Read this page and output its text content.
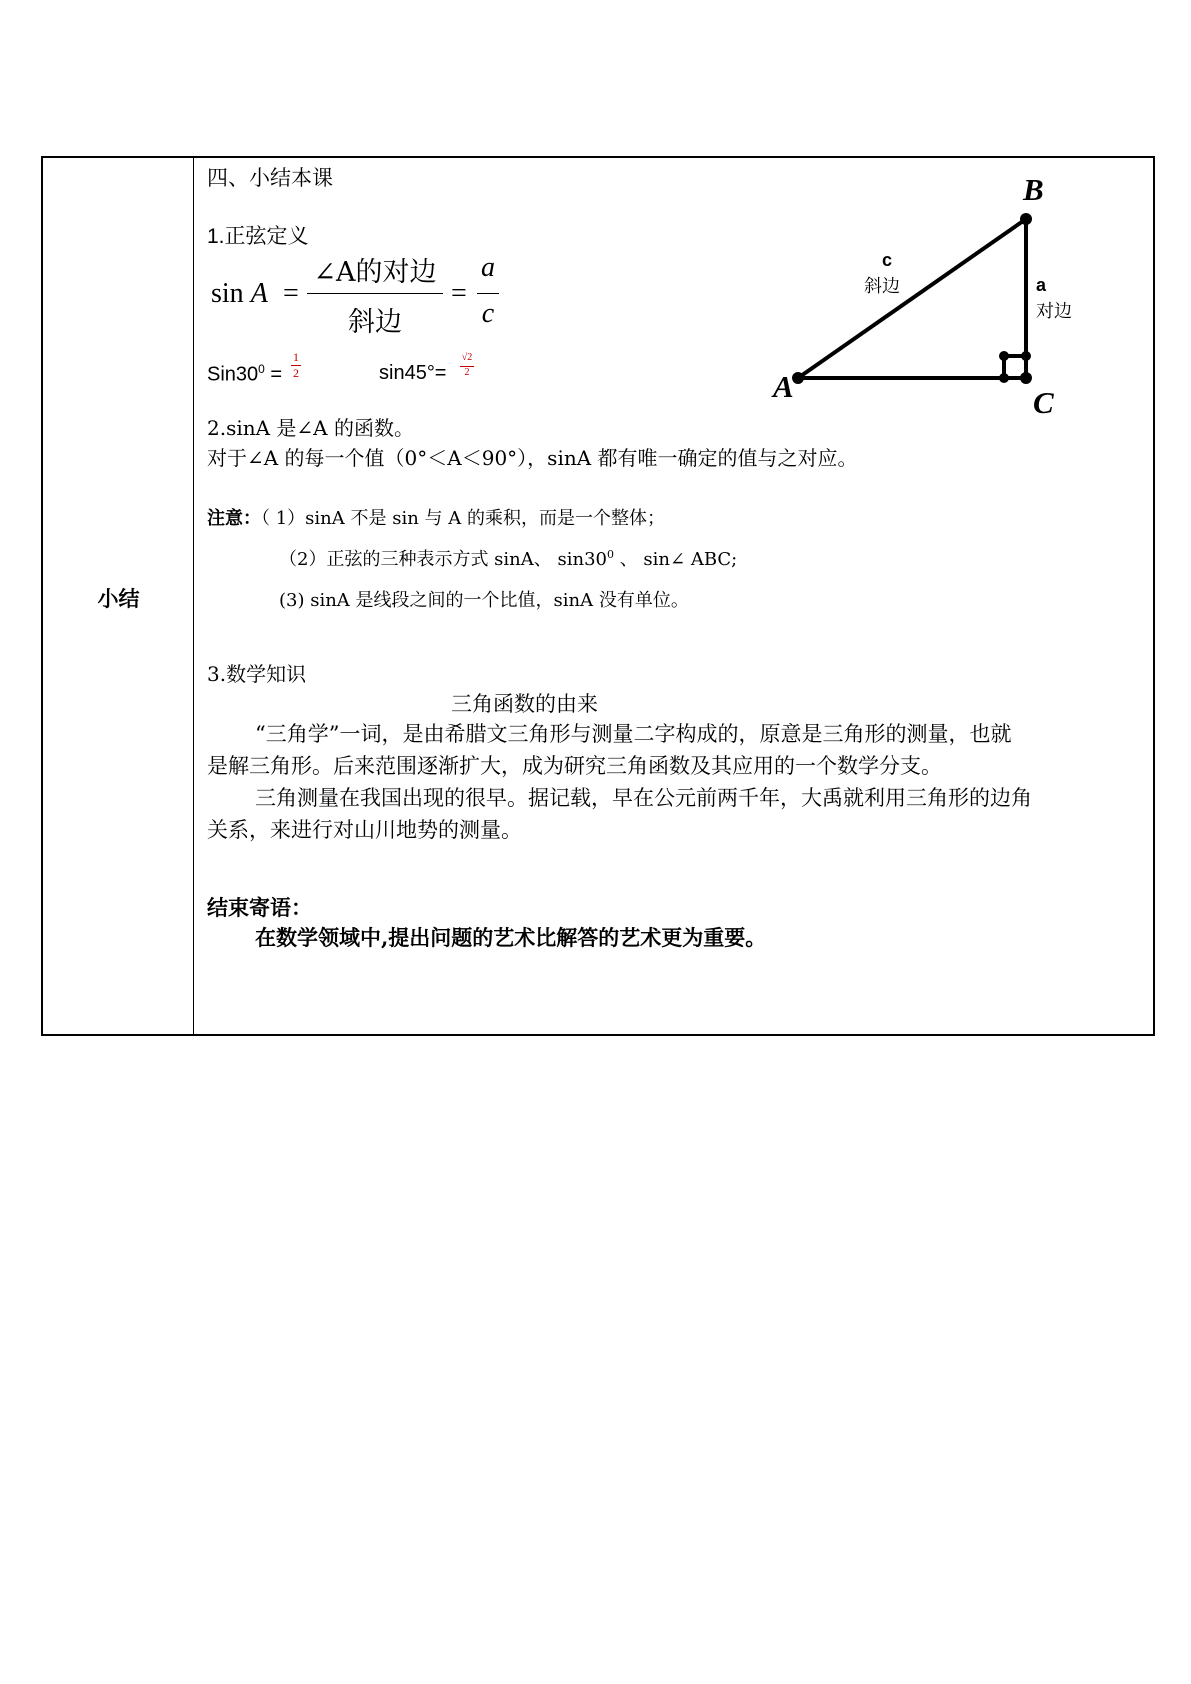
小结
四、小结本课
1.正弦定义
sin A =
∠A的对边
斜边
=
a
c
$Sin30^0$ =
1
2	sin45°=
√2
2	A
B
C
c
斜边	a
对边
2.sinA 是∠A 的函数。
对于∠A 的每一个值（0°＜A＜90°），sinA 都有唯一确定的值与之对应。
注意：（ 1）sinA 不是 sin 与 A 的乘积，而是一个整体；
（2）正弦的三种表示方式 sinA、 $\sin 30^0$ 、 sin∠ ABC;
(3) sinA 是线段之间的一个比值，sinA 没有单位。
3.数学知识
三角函数的由来
“三角学”一词，是由希腊文三角形与测量二字构成的，原意是三角形的测量，也就
是解三角形。后来范围逐渐扩大，成为研究三角函数及其应用的一个数学分支。
三角测量在我国出现的很早。据记载，早在公元前两千年，大禹就利用三角形的边角
关系，来进行对山川地势的测量。
结束寄语：
在数学领域中,提出问题的艺术比解答的艺术更为重要。
